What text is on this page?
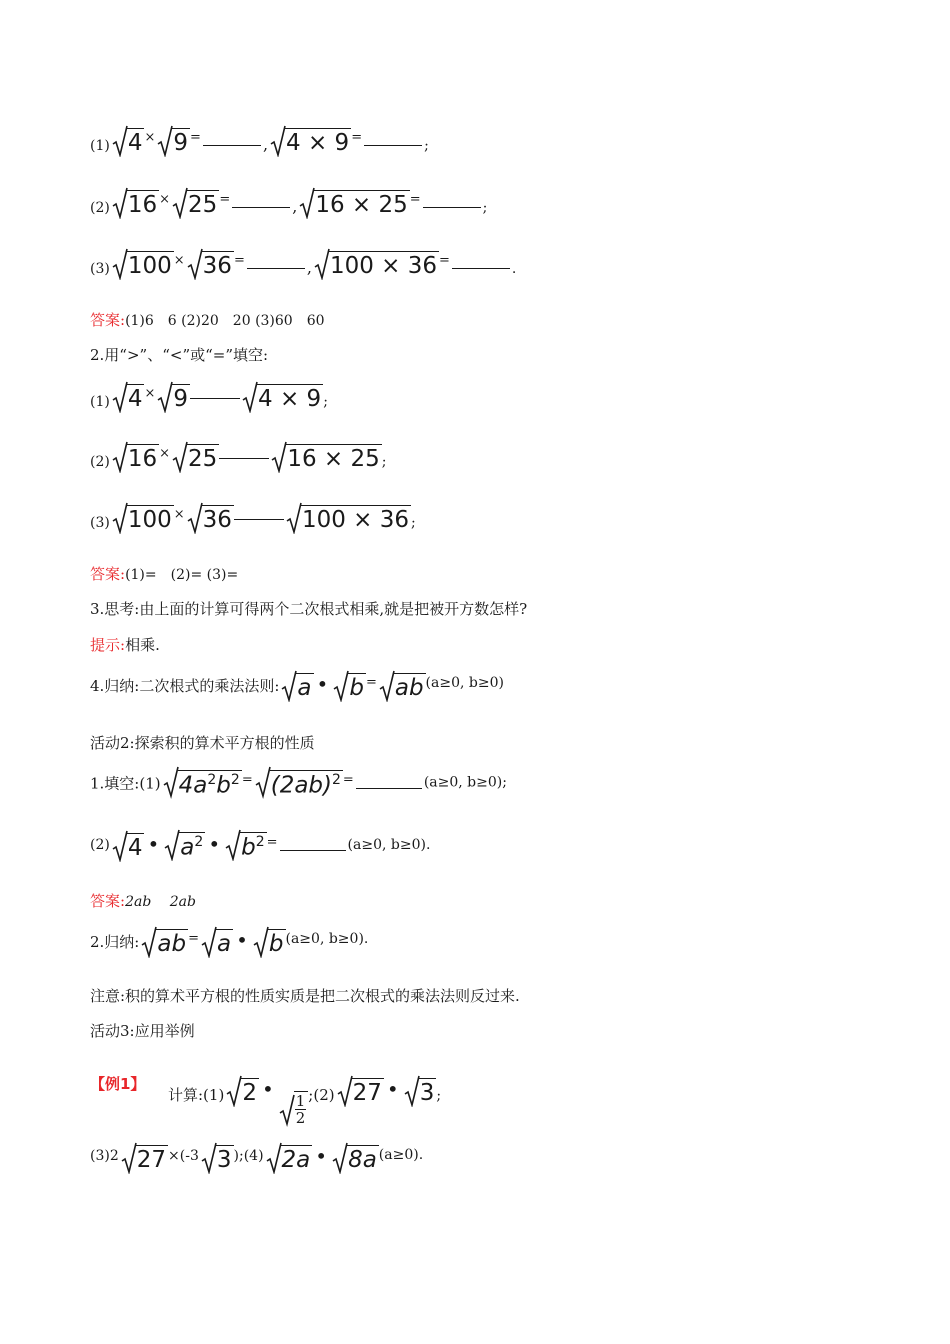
(1) 4 × 9 =	, 4 × 9 =;
(2) 16 × 25 =	, 16 × 25 =;
(3) 100 × 36 =	, 100 × 36 =.
答案:(1)6　6 (2)20　20 (3)60　60
2.用“>”、“<”或“=”填空:
(1) 4 × 9	4 × 9 ;
(2) 16 × 25	16 × 25 ;
(3) 100 × 36	100 × 36 ;
答案:(1)=　(2)= (3)=
3.思考:由上面的计算可得两个二次根式相乘,就是把被开方数怎样?
提示:相乘.
4.归纳:二次根式的乘法法则: a • b = ab (a≥0, b≥0)
活动2:探索积的算术平方根的性质
1.填空:(1) $4a^2b^2$ = $(2ab)^2$ =	(a≥0, b≥0);
(2) 4 • $a^2$ • $b^2$ =	(a≥0, b≥0).
答案:2ab　 2ab
2.归纳: ab = a • b (a≥0, b≥0).
注意:积的算术平方根的性质实质是把二次根式的乘法法则反过来.
活动3:应用举例
【例1】
计算:(1) 2 •
$\frac{1}{2}$ ;(2) 27 • 3 ;
(3)2 27 ×(-3 3 );(4) 2a • 8a (a≥0).
